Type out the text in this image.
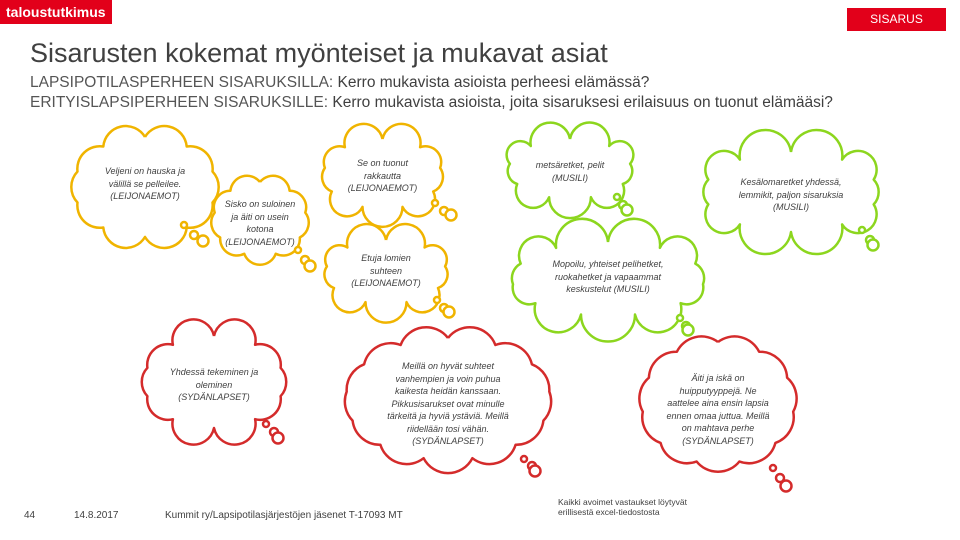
taloustutkimus	SISARUS
Sisarusten kokemat myönteiset ja mukavat asiat
LAPSIPOTILASPERHEEN SISARUKSILLA: Kerro mukavista asioista perheesi elämässä?
ERITYISLAPSIPERHEEN SISARUKSILLE: Kerro mukavista asioista, joita sisaruksesi erilaisuus on tuonut elämääsi?
Veljeni on hauska ja
välillä se pelleilee.
(LEIJONAEMOT)
Sisko on suloinen
ja äiti on usein
kotona
(LEIJONAEMOT)
Se on tuonut
rakkautta
(LEIJONAEMOT)
Etuja lomien
suhteen
(LEIJONAEMOT)
metsäretket, pelit
(MUSILI)	Kesälomaretket yhdessä,
lemmikit, paljon sisaruksia
(MUSILI)
Mopoilu, yhteiset pelihetket,
ruokahetket ja vapaammat
keskustelut (MUSILI)
Yhdessä tekeminen ja
oleminen
(SYDÄNLAPSET)
Meillä on hyvät suhteet
vanhempien ja voin puhua
kaikesta heidän kanssaan.
Pikkusisarukset ovat minulle
tärkeitä ja hyviä ystäviä. Meillä
riidellään tosi vähän.
(SYDÄNLAPSET)
Äiti ja iskä on
huipputyyppejä. Ne
aattelee aina ensin lapsia
ennen omaa juttua. Meillä
on mahtava perhe
(SYDÄNLAPSET)
44	14.8.2017	Kummit ry/Lapsipotilasjärjestöjen jäsenet T-17093 MT
Kaikki avoimet vastaukset löytyvät
erillisestä excel-tiedostosta
